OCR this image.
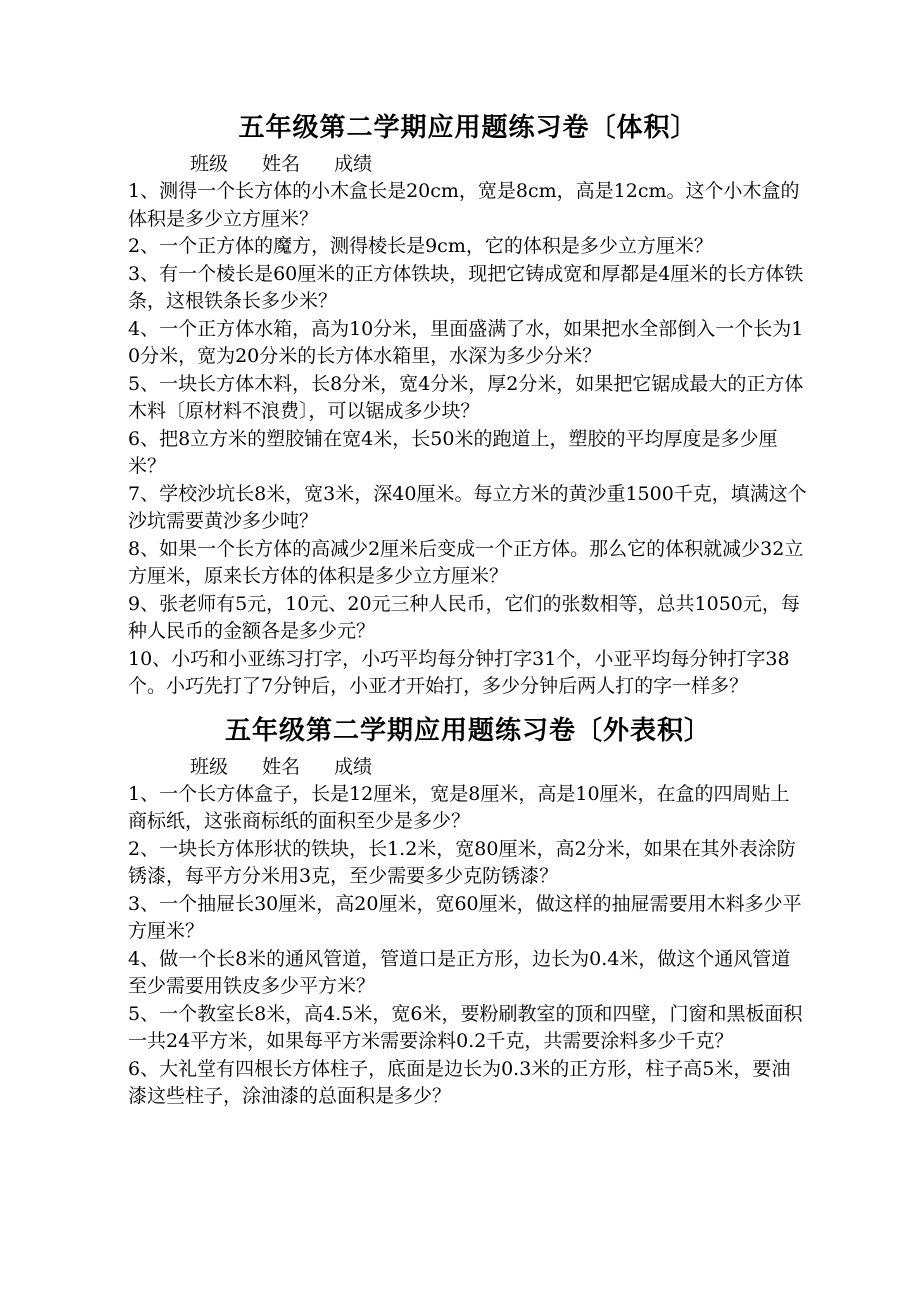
五年级第二学期应用题练习卷〔体积〕
班级 姓名 成绩
1、测得一个长方体的小木盒长是20cm，宽是8cm，高是12cm。这个小木盒的体积是多少立方厘米？
2、一个正方体的魔方，测得棱长是9cm，它的体积是多少立方厘米？
3、有一个棱长是60厘米的正方体铁块，现把它铸成宽和厚都是4厘米的长方体铁条，这根铁条长多少米？
4、一个正方体水箱，高为10分米，里面盛满了水，如果把水全部倒入一个长为10分米，宽为20分米的长方体水箱里，水深为多少分米？
5、一块长方体木料，长8分米，宽4分米，厚2分米，如果把它锯成最大的正方体木料〔原材料不浪费〕，可以锯成多少块？
6、把8立方米的塑胶铺在宽4米，长50米的跑道上，塑胶的平均厚度是多少厘米？
7、学校沙坑长8米，宽3米，深40厘米。每立方米的黄沙重1500千克，填满这个沙坑需要黄沙多少吨？
8、如果一个长方体的高减少2厘米后变成一个正方体。那么它的体积就减少32立方厘米，原来长方体的体积是多少立方厘米？
9、张老师有5元，10元、20元三种人民币，它们的张数相等，总共1050元，每种人民币的金额各是多少元？
10、小巧和小亚练习打字，小巧平均每分钟打字31个，小亚平均每分钟打字38个。小巧先打了7分钟后，小亚才开始打，多少分钟后两人打的字一样多？
五年级第二学期应用题练习卷〔外表积〕
班级 姓名 成绩
1、一个长方体盒子，长是12厘米，宽是8厘米，高是10厘米，在盒的四周贴上商标纸，这张商标纸的面积至少是多少？
2、一块长方体形状的铁块，长1.2米，宽80厘米，高2分米，如果在其外表涂防锈漆，每平方分米用3克，至少需要多少克防锈漆？
3、一个抽屉长30厘米，高20厘米，宽60厘米，做这样的抽屉需要用木料多少平方厘米？
4、做一个长8米的通风管道，管道口是正方形，边长为0.4米，做这个通风管道至少需要用铁皮多少平方米？
5、一个教室长8米，高4.5米，宽6米，要粉刷教室的顶和四壁，门窗和黑板面积一共24平方米，如果每平方米需要涂料0.2千克，共需要涂料多少千克？
6、大礼堂有四根长方体柱子，底面是边长为0.3米的正方形，柱子高5米，要油漆这些柱子，涂油漆的总面积是多少？
